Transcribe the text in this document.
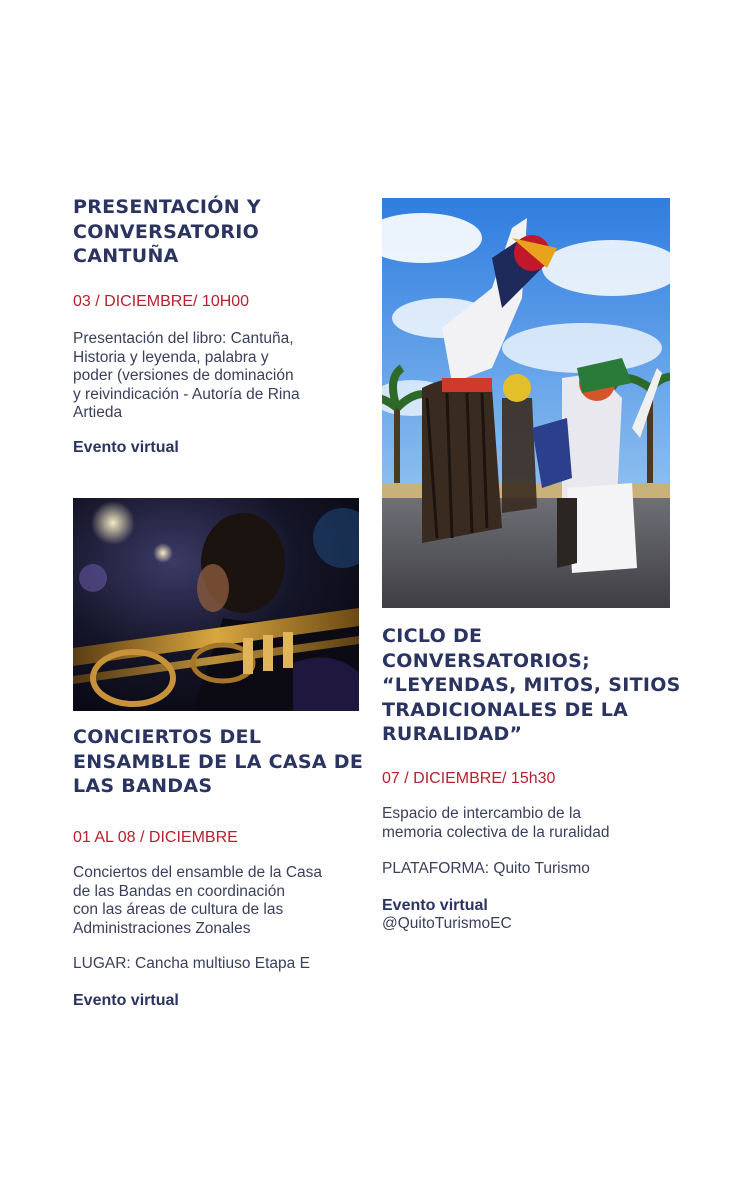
PRESENTACIÓN Y
CONVERSATORIO
CANTUÑA

03 / DICIEMBRE/ 10H00

Presentación del libro: Cantuña,
Historia y leyenda, palabra y
poder (versiones de dominación
y reivindicación - Autoría de Rina
Artieda

Evento virtual

CONCIERTOS DEL
ENSAMBLE DE LA CASA DE
LAS BANDAS

01 AL 08 / DICIEMBRE

Conciertos del ensamble de la Casa
de las Bandas en coordinación
con las áreas de cultura de las
Administraciones Zonales

LUGAR: Cancha multiuso Etapa E

Evento virtual

CICLO DE
CONVERSATORIOS;
“LEYENDAS, MITOS, SITIOS
TRADICIONALES DE LA
RURALIDAD”

07 / DICIEMBRE/ 15h30

Espacio de intercambio de la
memoria colectiva de la ruralidad

PLATAFORMA: Quito Turismo

Evento virtual

@QuitoTurismoEC
